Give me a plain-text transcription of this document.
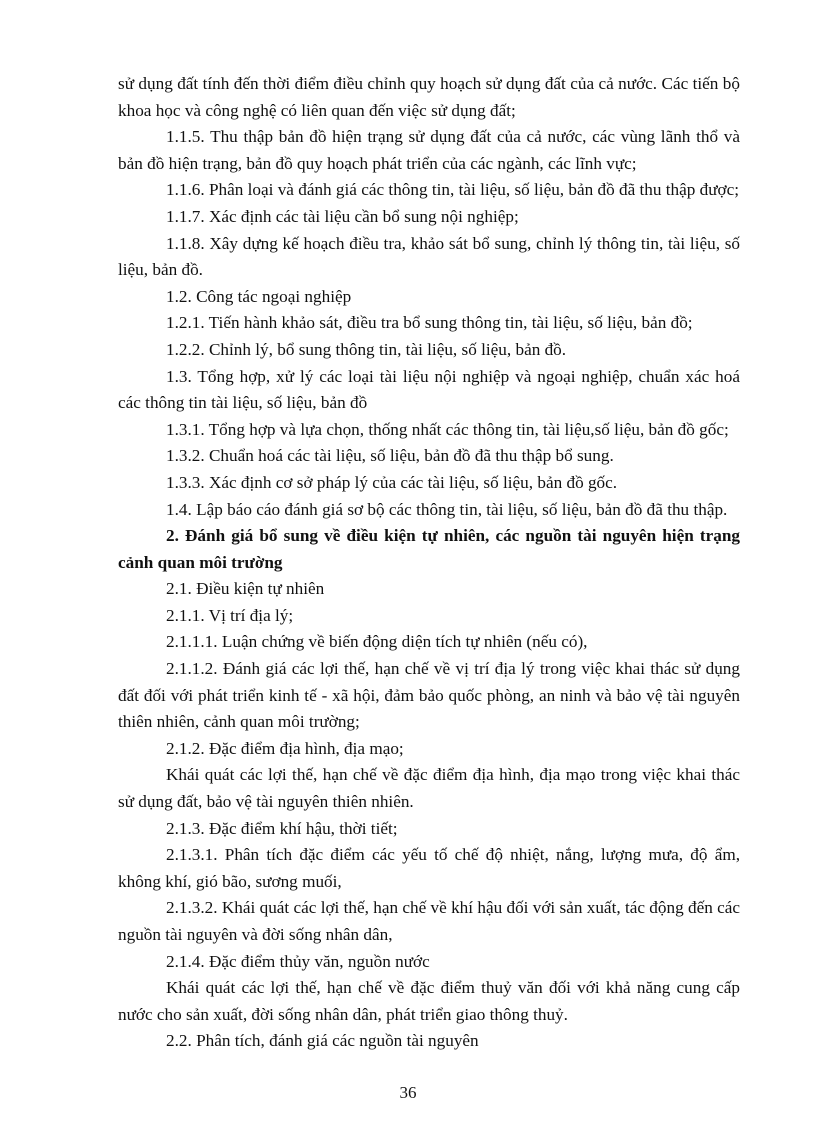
sử dụng đất tính đến thời điểm điều chỉnh quy hoạch sử dụng đất của cả nước. Các tiến bộ khoa học và công nghệ có liên quan đến việc sử dụng đất;

1.1.5. Thu thập bản đồ hiện trạng sử dụng đất của cả nước, các vùng lãnh thổ và bản đồ hiện trạng, bản đồ quy hoạch phát triển của các ngành, các lĩnh vực;

1.1.6. Phân loại và đánh giá các thông tin, tài liệu, số liệu, bản đồ đã thu thập được;

1.1.7. Xác định các tài liệu cần bổ sung nội nghiệp;

1.1.8. Xây dựng kế hoạch điều tra, khảo sát bổ sung, chỉnh lý thông tin, tài liệu, số liệu, bản đồ.

1.2. Công tác ngoại nghiệp

1.2.1. Tiến hành khảo sát, điều tra bổ sung thông tin, tài liệu, số liệu, bản đồ;

1.2.2. Chỉnh lý, bổ sung thông tin, tài liệu, số liệu, bản đồ.

1.3. Tổng hợp, xử lý các loại tài liệu nội nghiệp và ngoại nghiệp, chuẩn xác hoá các thông tin tài liệu, số liệu, bản đồ

1.3.1. Tổng hợp và lựa chọn, thống nhất các thông tin, tài liệu,số liệu, bản đồ gốc;

1.3.2. Chuẩn hoá các tài liệu, số liệu, bản đồ đã thu thập bổ sung.

1.3.3. Xác định cơ sở pháp lý của các tài liệu, số liệu, bản đồ gốc.

1.4. Lập báo cáo đánh giá sơ bộ các thông tin, tài liệu, số liệu, bản đồ đã thu thập.

2. Đánh giá bổ sung về điều kiện tự nhiên, các nguồn tài nguyên hiện trạng cảnh quan môi trường

2.1. Điều kiện tự nhiên

2.1.1. Vị trí địa lý;

2.1.1.1. Luận chứng về biến động diện tích tự nhiên (nếu có),

2.1.1.2. Đánh giá các lợi thế, hạn chế về vị trí địa lý trong việc khai thác sử dụng đất đối với phát triển kinh tế - xã hội, đảm bảo quốc phòng, an ninh và bảo vệ tài nguyên thiên nhiên, cảnh quan môi trường;

2.1.2. Đặc điểm địa hình, địa mạo;

Khái quát các lợi thế, hạn chế về đặc điểm địa hình, địa mạo trong việc khai thác sử dụng đất, bảo vệ tài nguyên thiên nhiên.

2.1.3. Đặc điểm khí hậu, thời tiết;

2.1.3.1. Phân tích đặc điểm các yếu tố chế độ nhiệt, nắng, lượng mưa, độ ẩm, không khí, gió bão, sương muối,

2.1.3.2. Khái quát các lợi thế, hạn chế về khí hậu đối với sản xuất, tác động đến các nguồn tài nguyên và đời sống nhân dân,

2.1.4. Đặc điểm thủy văn, nguồn nước

Khái quát các lợi thế, hạn chế về đặc điểm thuỷ văn đối với khả năng cung cấp nước cho sản xuất, đời sống nhân dân, phát triển giao thông thuỷ.

2.2. Phân tích, đánh giá các nguồn tài nguyên

36
